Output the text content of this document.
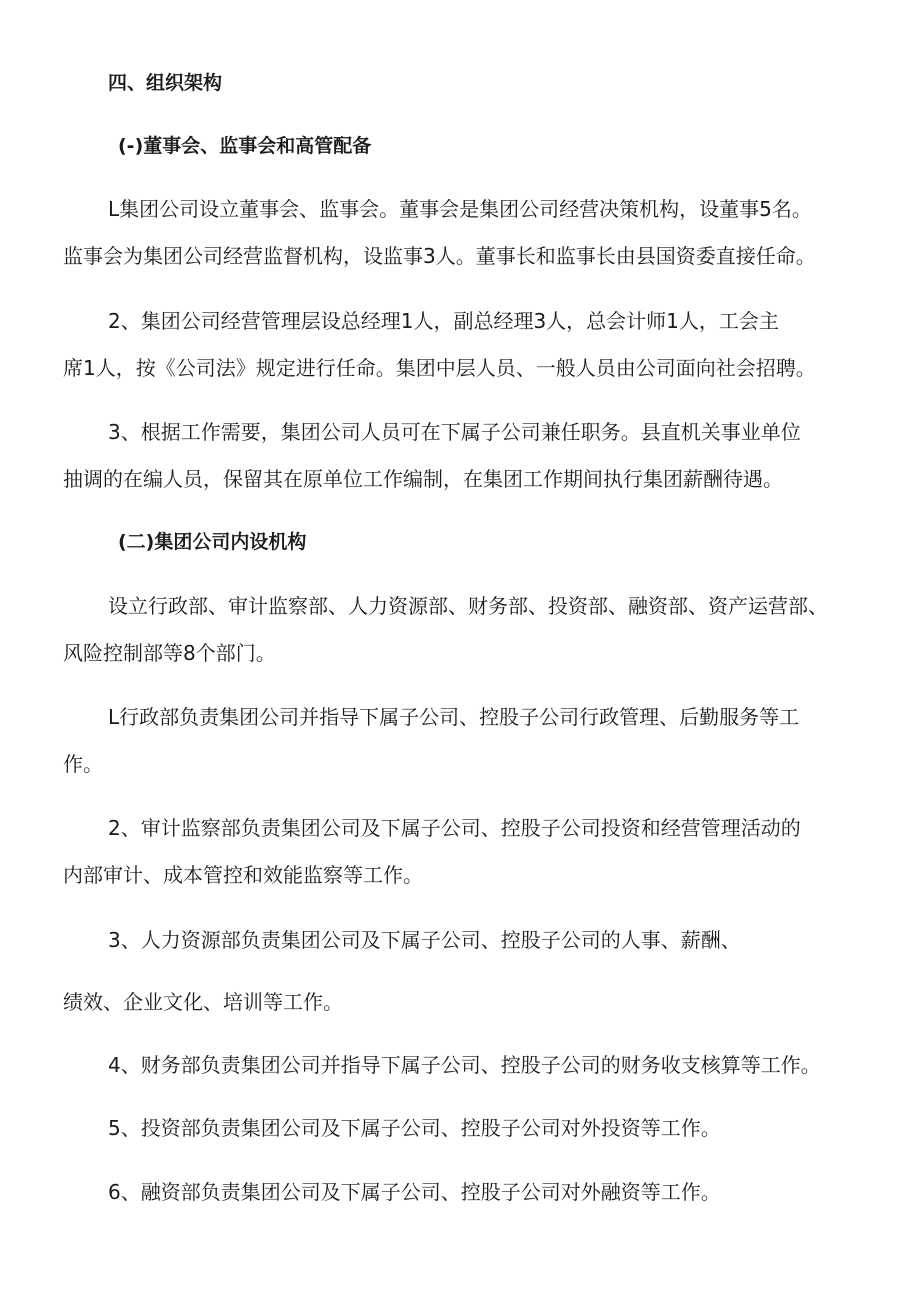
四、组织架构
(-)董事会、监事会和高管配备
L集团公司设立董事会、监事会。董事会是集团公司经营决策机构，设董事5名。
监事会为集团公司经营监督机构，设监事3人。董事长和监事长由县国资委直接任命。
2、集团公司经营管理层设总经理1人，副总经理3人，总会计师1人，工会主
席1人，按《公司法》规定进行任命。集团中层人员、一般人员由公司面向社会招聘。
3、根据工作需要，集团公司人员可在下属子公司兼任职务。县直机关事业单位
抽调的在编人员，保留其在原单位工作编制，在集团工作期间执行集团薪酬待遇。
(二)集团公司内设机构
设立行政部、审计监察部、人力资源部、财务部、投资部、融资部、资产运营部、
风险控制部等8个部门。
L行政部负责集团公司并指导下属子公司、控股子公司行政管理、后勤服务等工
作。
2、审计监察部负责集团公司及下属子公司、控股子公司投资和经营管理活动的
内部审计、成本管控和效能监察等工作。
3、人力资源部负责集团公司及下属子公司、控股子公司的人事、薪酬、
绩效、企业文化、培训等工作。
4、财务部负责集团公司并指导下属子公司、控股子公司的财务收支核算等工作。
5、投资部负责集团公司及下属子公司、控股子公司对外投资等工作。
6、融资部负责集团公司及下属子公司、控股子公司对外融资等工作。
